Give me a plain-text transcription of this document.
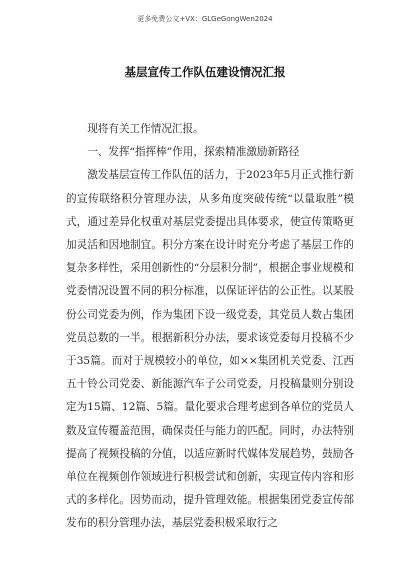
更多免费公文+VX：GLGeGongWen2024
基层宣传工作队伍建设情况汇报

现将有关工作情况汇报。

一、发挥“指挥棒”作用，探索精准激励新路径

激发基层宣传工作队伍的活力，于2023年5月正式推行新的宣传联络积分管理办法，从多角度突破传统“以量取胜”模式，通过差异化权重对基层党委提出具体要求，使宣传策略更加灵活和因地制宜。积分方案在设计时充分考虑了基层工作的复杂多样性，采用创新性的“分层积分制”，根据企事业规模和党委情况设置不同的积分标准，以保证评估的公正性。以某股份公司党委为例，作为集团下设一级党委，其党员人数占集团党员总数的一半。根据新积分办法，要求该党委每月投稿不少于35篇。而对于规模较小的单位，如××集团机关党委、江西五十铃公司党委、新能源汽车子公司党委，月投稿量则分别设定为15篇、12篇、5篇。量化要求合理考虑到各单位的党员人数及宣传覆盖范围，确保责任与能力的匹配。同时，办法特别提高了视频投稿的分值，以适应新时代媒体发展趋势，鼓励各单位在视频创作领域进行积极尝试和创新，实现宣传内容和形式的多样化。因势而动，提升管理效能。根据集团党委宣传部发布的积分管理办法，基层党委积极采取行之
